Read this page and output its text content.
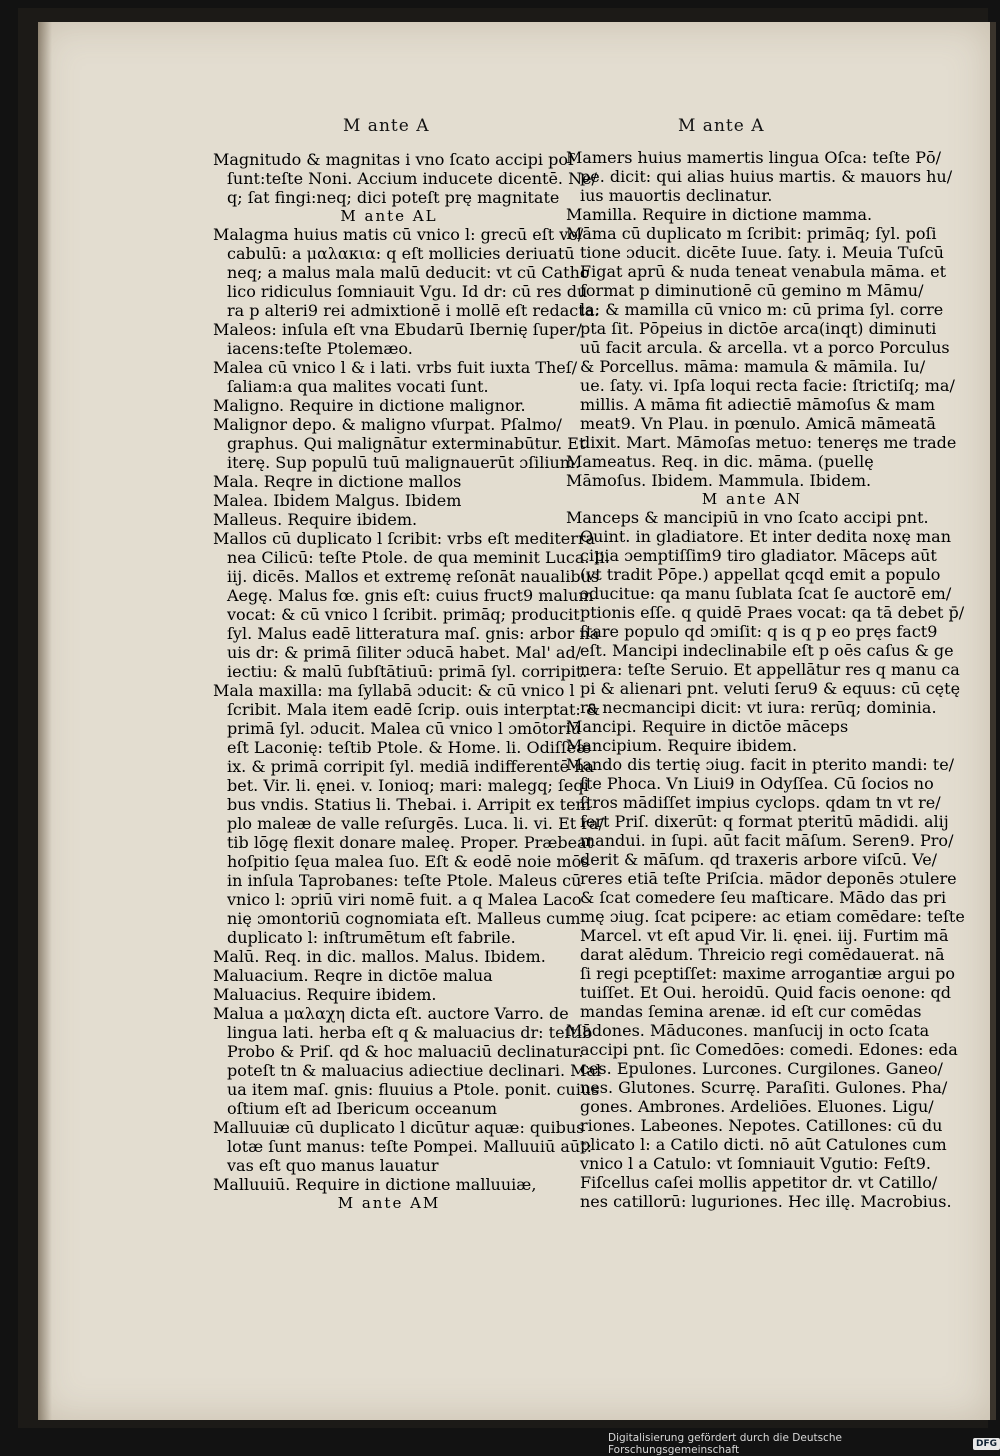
M ante A	M ante A
Magnitudo & magnitas i vno ſcato accipi poſ
ſunt:teſte Noni. Accium inducete dicentē. Ne/
q; ſat fingi:neq; dici poteſt prę magnitate
M ante AL
Malagma huius matis cū vnico l: grecū eſt vo/
cabulū: a μαλακια: q eſt mollicies deriuatū
neq; a malus mala malū deducit: vt cū Catho
lico ridiculus ſomniauit Vgu. Id dr: cū res du
ra p alteri9 rei admixtionē i mollē eſt redacta.
Maleos: inſula eſt vna Ebudarū Ibernię ſuper/
iacens:teſte Ptolemæo.
Malea cū vnico l & i lati. vrbs fuit iuxta Theſ/
ſaliam:a qua malites vocati ſunt.
Maligno. Require in dictione malignor.
Malignor depo. & maligno vſurpat. Pſalmo/
graphus. Qui malignātur exterminabūtur. Et
iterę. Sup populū tuū malignauerūt ɔſilium.
Mala. Reqre in dictione mallos
Malea. Ibidem Malgus. Ibidem
Malleus. Require ibidem.
Mallos cū duplicato l ſcribit: vrbs eſt mediterra
nea Cilicū: teſte Ptole. de qua meminit Luca. li.
iij. dicēs. Mallos et extremę reſonāt naualibus
Aegę. Malus fœ. gnis eſt: cuius fruct9 malum
vocat: & cū vnico l ſcribit. primāq; producit
ſyl. Malus eadē litteratura maſ. gnis: arbor na
uis dr: & primā ſiliter ɔducā habet. Mal' ad/
iectiu: & malū ſubſtātiuū: primā ſyl. corripit.
Mala maxilla: ma ſyllabā ɔducit: & cū vnico l
ſcribit. Mala item eadē ſcrip. ouis interptat: &
primā ſyl. ɔducit. Malea cū vnico l ɔmōtoriū
eſt Laconię: teſtib Ptole. & Home. li. Odiſſeæ
ix. & primā corripit ſyl. mediā indifferentē ha
bet. Vir. li. ęnei. v. Ionioq; mari: malegq; ſeqi
bus vndis. Statius li. Thebai. i. Arripit ex tem
plo maleæ de valle reſurgēs. Luca. li. vi. Et ra/
tib lōgę flexit donare maleę. Proper. Præbeat
hoſpitio ſęua malea ſuo. Eſt & eodē noie mōs
in inſula Taprobanes: teſte Ptole. Maleus cū
vnico l: ɔpriū viri nomē fuit. a q Malea Laco
nię ɔmontoriū cognomiata eſt. Malleus cum
duplicato l: inſtrumētum eſt fabrile.
Malū. Req. in dic. mallos. Malus. Ibidem.
Maluacium. Reqre in dictōe malua
Maluacius. Require ibidem.
Malua a μαλαχη dicta eſt. auctore Varro. de
lingua lati. herba eſt q & maluacius dr: teſtib
Probo & Priſ. qd & hoc maluaciū declinatur.
poteſt tn & maluacius adiectiue declinari. Mal
ua item maſ. gnis: fluuius a Ptole. ponit. cuius
oſtium eſt ad Ibericum occeanum
Malluuiæ cū duplicato l dicūtur aquæ: quibus
lotæ ſunt manus: teſte Pompei. Malluuiū aūt:
vas eſt quo manus lauatur
Malluuiū. Require in dictione malluuiæ,
M ante AM
Mamers huius mamertis lingua Oſca: teſte Pō/
pe. dicit: qui alias huius martis. & mauors hu/
ius mauortis declinatur.
Mamilla. Require in dictione mamma.
Māma cū duplicato m ſcribit: primāq; ſyl. poſi
tione ɔducit. dicēte Iuue. ſaty. i. Meuia Tuſcū
Figat aprū & nuda teneat venabula māma. et
format p diminutionē cū gemino m Māmu/
la: & mamilla cū vnico m: cū prima ſyl. corre
pta ſit. Pōpeius in dictōe arca(inqt) diminuti
uū facit arcula. & arcella. vt a porco Porculus
& Porcellus. māma: mamula & māmila. Iu/
ue. ſaty. vi. Ipſa loqui recta facie: ſtrictiſq; ma/
millis. A māma fit adiectiē māmoſus & mam
meat9. Vn Plau. in pœnulo. Amicā māmeatā
dixit. Mart. Māmoſas metuo: teneręs me trade
Mameatus. Req. in dic. māma. (puellę
Māmoſus. Ibidem. Mammula. Ibidem.
M ante AN
Manceps & mancipiū in vno ſcato accipi pnt.
Quint. in gladiatore. Et inter dedita noxę man
cipia ɔemptiſſim9 tiro gladiator. Māceps aūt
(vt tradit Pōpe.) appellat qcqd emit a populo
ɔducitue: qa manu ſublata ſcat ſe auctorē em/
ptionis eſſe. q quidē Praes vocat: qa tā debet p̄/
ſtare populo qd ɔmiſit: q is q p eo pręs fact9
eſt. Mancipi indeclinabile eſt p oēs caſus & ge
nera: teſte Seruio. Et appellātur res q manu ca
pi & alienari pnt. veluti ſeru9 & equus: cū cętę
ra necmancipi dicit: vt iura: rerūq; dominia.
Mancipi. Require in dictōe māceps
Mancipium. Require ibidem.
Mando dis tertię ɔiug. facit in pterito mandi: te/
ſte Phoca. Vn Liui9 in Odyſſea. Cū ſocios no
ſtros mādiſſet impius cyclops. qdam tn vt re/
fert Priſ. dixerūt: q format pteritū mādidi. alij
mandui. in ſupi. aūt facit māſum. Seren9. Pro/
derit & māſum. qd traxeris arbore viſcū. Ve/
reres etiā teſte Priſcia. mādor deponēs ɔtulere
& ſcat comedere ſeu maſticare. Mādo das pri
mę ɔiug. ſcat pcipere: ac etiam comēdare: teſte
Marcel. vt eſt apud Vir. li. ęnei. iij. Furtim mā
darat alēdum. Threicio regi comēdauerat. nā
ſi regi pceptiſſet: maxime arrogantiæ argui po
tuiſſet. Et Oui. heroidū. Quid facis oenone: qd
mandas ſemina arenæ. id eſt cur comēdas
Mādones. Māducones. manſucij in octo ſcata
accipi pnt. ſic Comedōes: comedi. Edones: eda
ces. Epulones. Lurcones. Curgilones. Ganeo/
nes. Glutones. Scurrę. Paraſiti. Gulones. Pha/
gones. Ambrones. Ardeliōes. Eluones. Ligu/
riones. Labeones. Nepotes. Catillones: cū du
plicato l: a Catilo dicti. nō aūt Catulones cum
vnico l a Catulo: vt ſomniauit Vgutio: Feſt9.
Fiſcellus caſei mollis appetitor dr. vt Catillo/
nes catillorū: luguriones. Hec illę. Macrobius.
Digitalisierung gefördert durch die Deutsche Forschungsgemeinschaft	DFG
